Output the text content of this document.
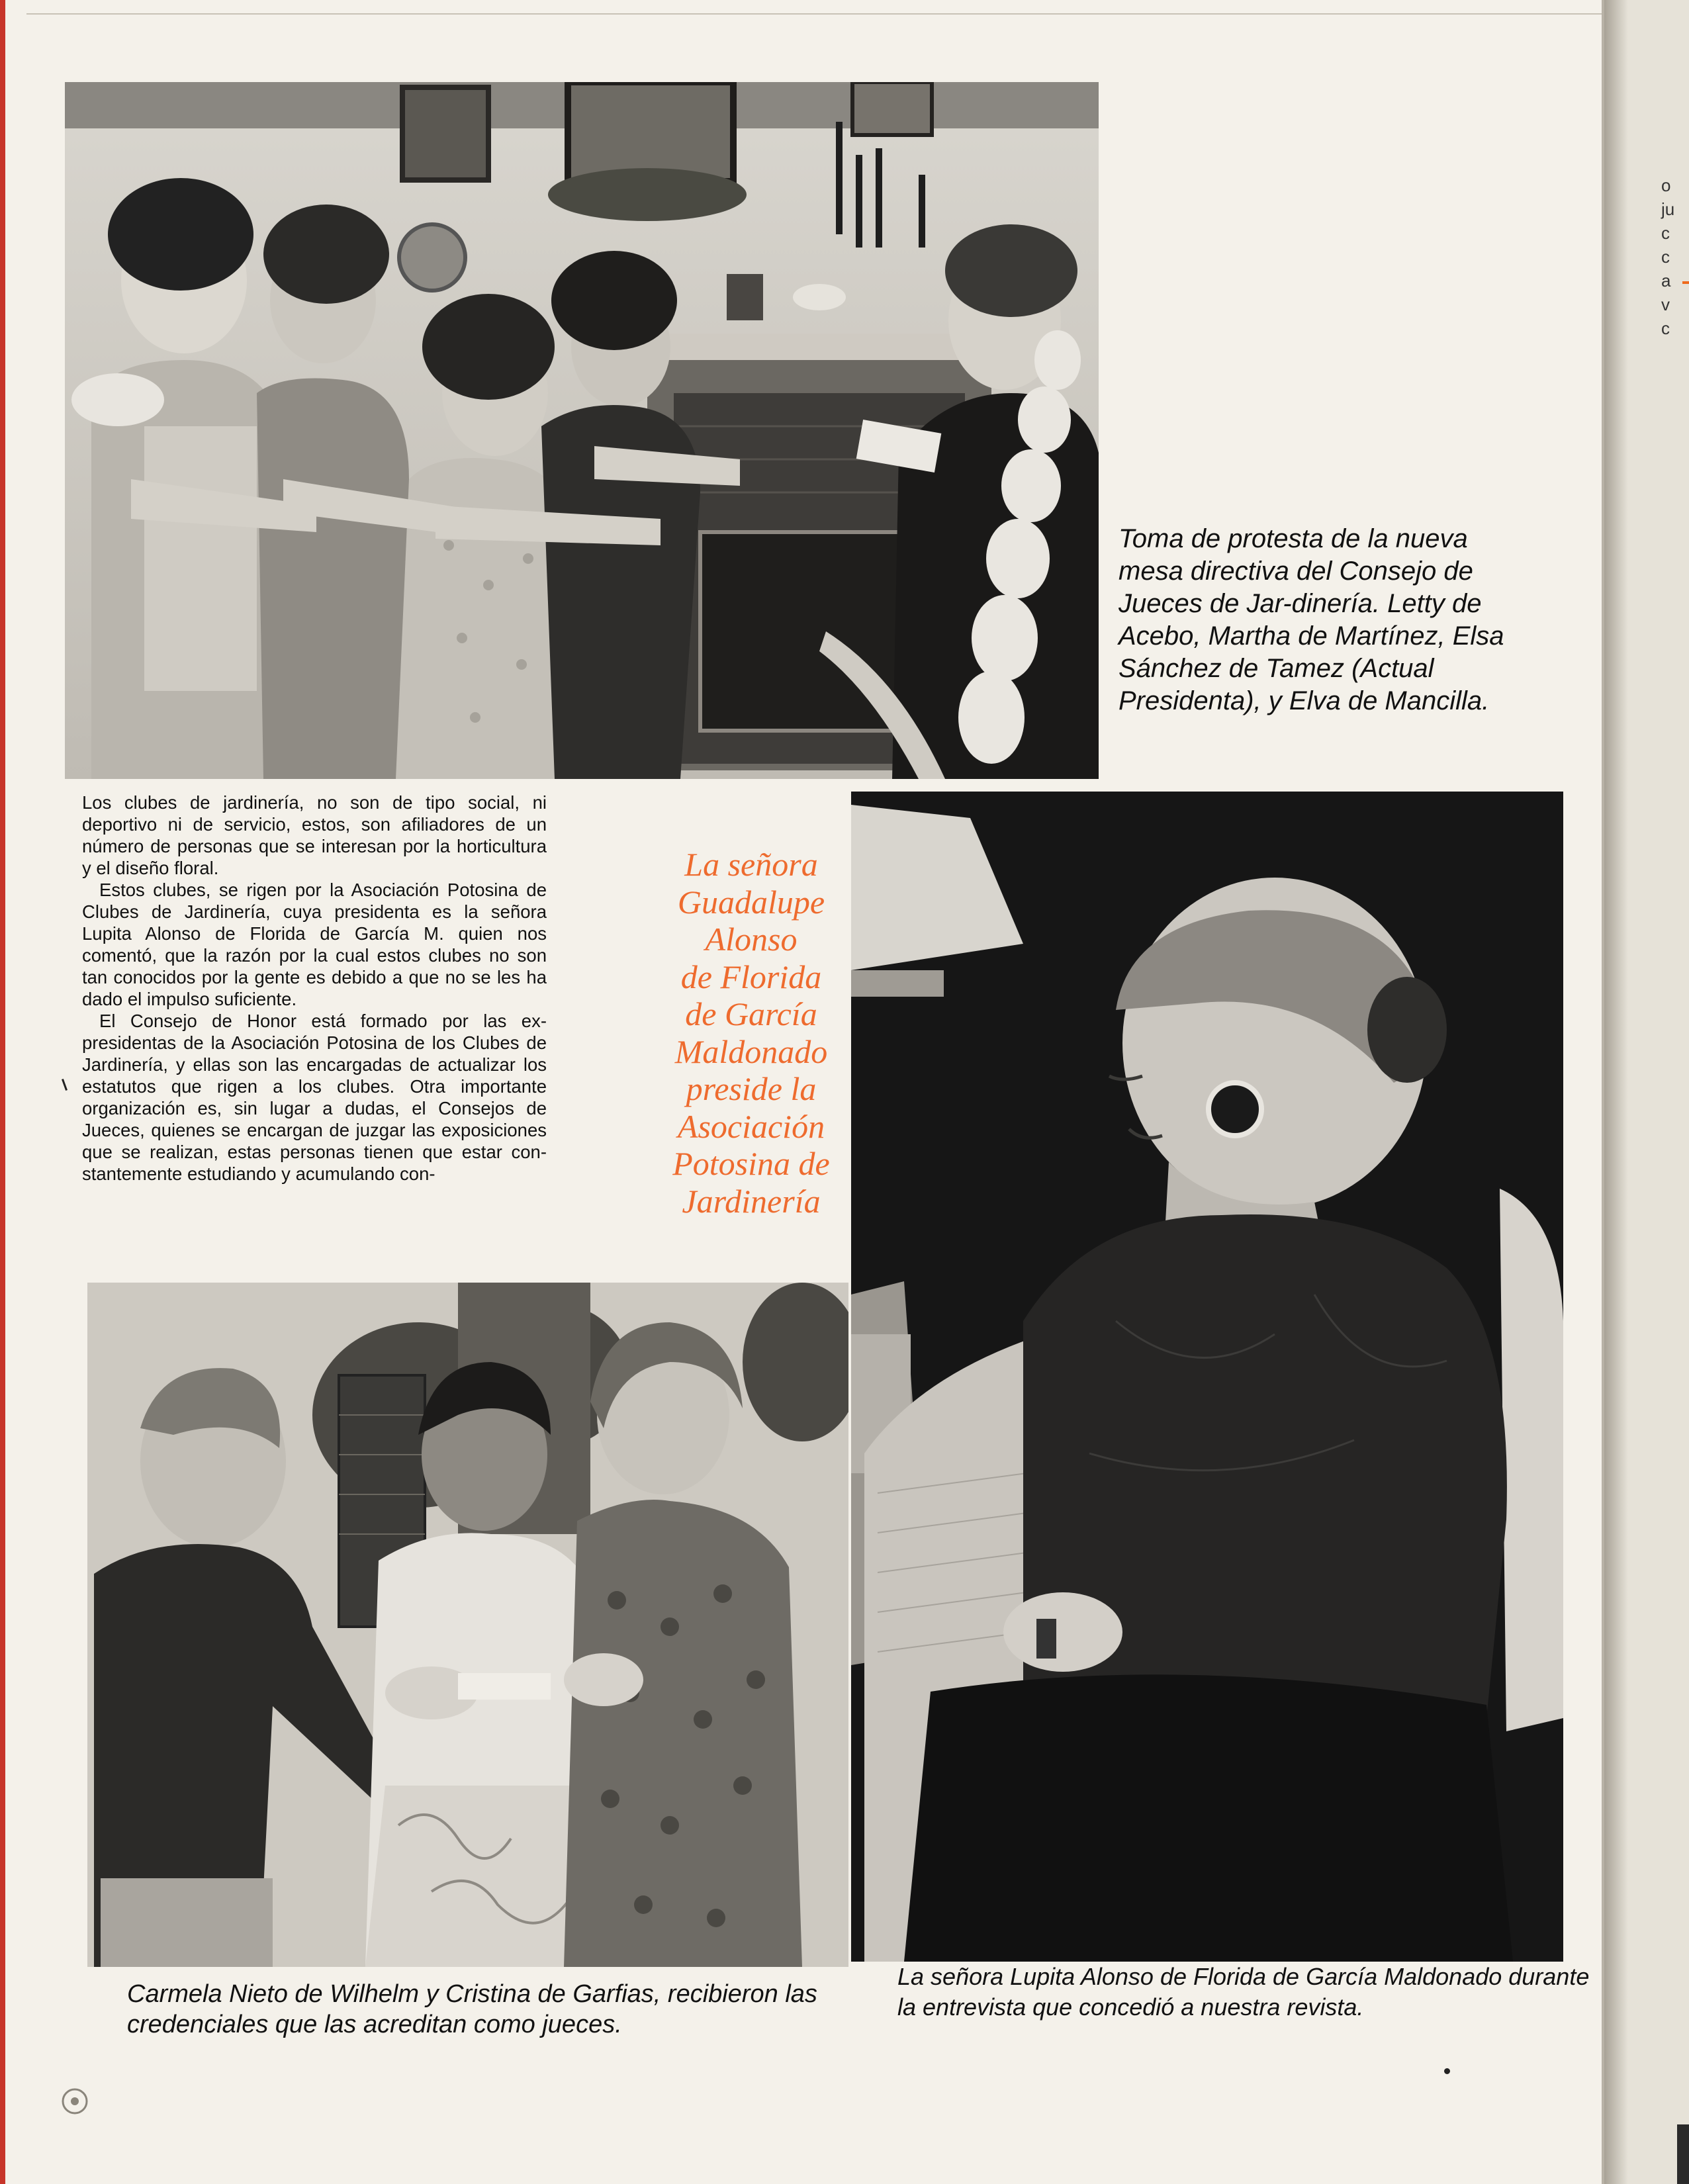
Toma de protesta de la nueva mesa directiva del Consejo de Jueces de Jar-dinería. Letty de Acebo, Martha de Martínez, Elsa Sánchez de Tamez (Actual Presidenta), y Elva de Mancilla.

Los clubes de jardinería, no son de tipo social, ni deportivo ni de servicio, estos, son afiliadores de un número de personas que se interesan por la horticultura y el diseño floral.

Estos clubes, se rigen por la Asociación Potosina de Clubes de Jardinería, cuya presidenta es la señora Lupita Alonso de Florida de García M. quien nos comentó, que la razón por la cual estos clubes no son tan conocidos por la gente es debido a que no se les ha dado el impulso suficiente.

El Consejo de Honor está formado por las ex-presidentas de la Asociación Potosina de los Clubes de Jardinería, y ellas son las encargadas de actualizar los estatutos que rigen a los clubes. Otra importante organización es, sin lugar a dudas, el Consejos de Jueces, quienes se encargan de juzgar las exposiciones que se realizan, estas personas tienen que estar con-stantemente estudiando y acumulando con-

La señora
Guadalupe
Alonso
de Florida
de García
Maldonado
preside la
Asociación
Potosina de
Jardinería

Carmela Nieto de Wilhelm y Cristina de Garfias, recibieron las credenciales que las acreditan como jueces.

La señora Lupita Alonso de Florida de García Maldonado durante la entrevista que concedió a nuestra revista.

o
ju
c
c
a
v
c
